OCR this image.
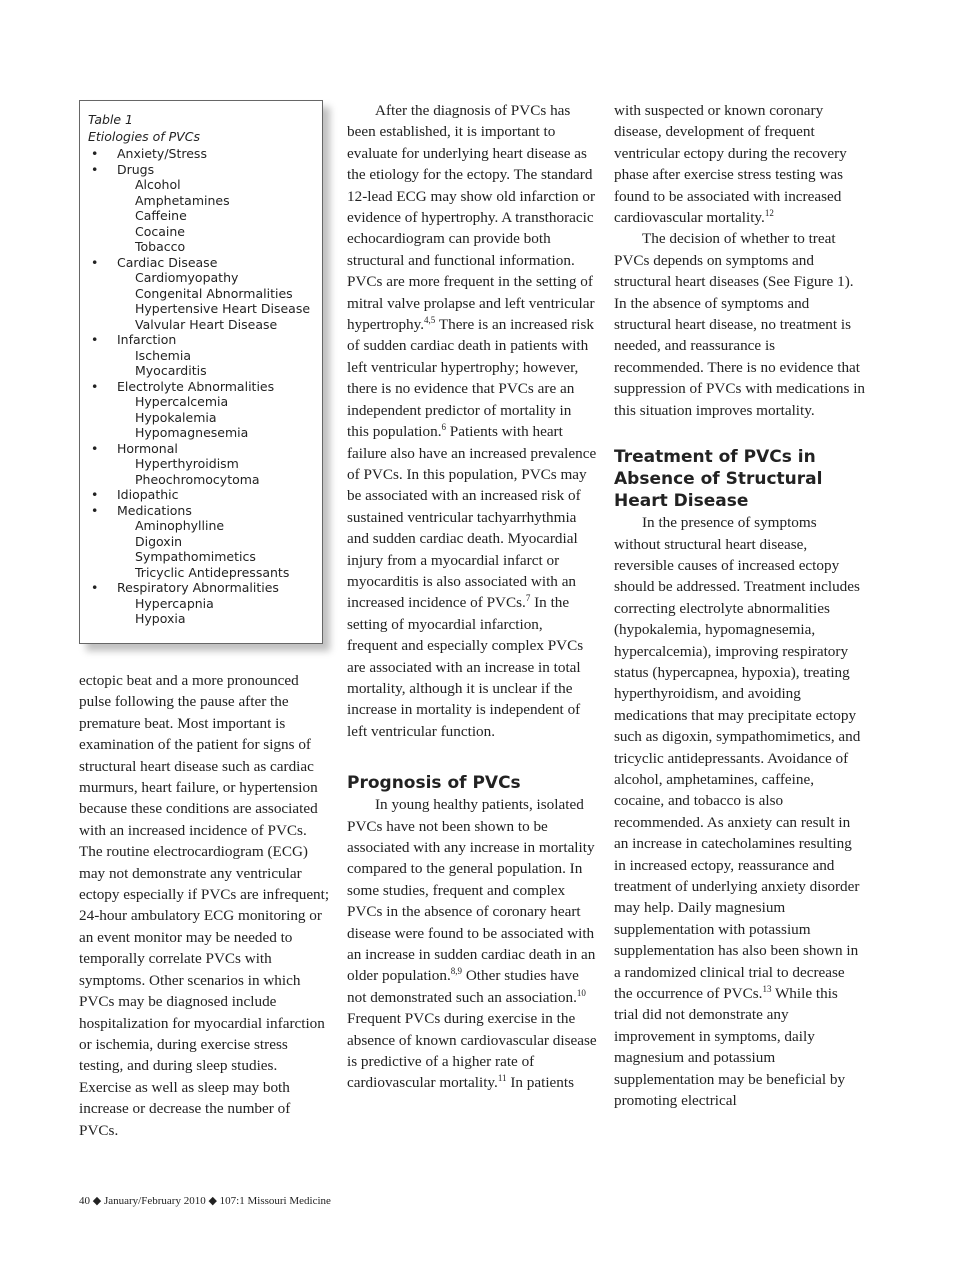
Table 1
Etiologies of PVCs
• Anxiety/Stress
• Drugs
Alcohol
Amphetamines
Caffeine
Cocaine
Tobacco
• Cardiac Disease
Cardiomyopathy
Congenital Abnormalities
Hypertensive Heart Disease
Valvular Heart Disease
• Infarction
Ischemia
Myocarditis
• Electrolyte Abnormalities
Hypercalcemia
Hypokalemia
Hypomagnesemia
• Hormonal
Hyperthyroidism
Pheochromocytoma
• Idiopathic
• Medications
Aminophylline
Digoxin
Sympathomimetics
Tricyclic Antidepressants
• Respiratory Abnormalities
Hypercapnia
Hypoxia

ectopic beat and a more pronounced pulse following the pause after the premature beat. Most important is examination of the patient for signs of structural heart disease such as cardiac murmurs, heart failure, or hypertension because these conditions are associated with an increased incidence of PVCs. The routine electrocardiogram (ECG) may not demonstrate any ventricular ectopy especially if PVCs are infrequent; 24-hour ambulatory ECG monitoring or an event monitor may be needed to temporally correlate PVCs with symptoms. Other scenarios in which PVCs may be diagnosed include hospitalization for myocardial infarction or ischemia, during exercise stress testing, and during sleep studies. Exercise as well as sleep may both increase or decrease the number of PVCs.

After the diagnosis of PVCs has been established, it is important to evaluate for underlying heart disease as the etiology for the ectopy. The standard 12-lead ECG may show old infarction or evidence of hypertrophy. A transthoracic echocardiogram can provide both structural and functional information. PVCs are more frequent in the setting of mitral valve prolapse and left ventricular hypertrophy.$^{4,5}$ There is an increased risk of sudden cardiac death in patients with left ventricular hypertrophy; however, there is no evidence that PVCs are an independent predictor of mortality in this population.$^6$ Patients with heart failure also have an increased prevalence of PVCs. In this population, PVCs may be associated with an increased risk of sustained ventricular tachyarrhythmia and sudden cardiac death. Myocardial injury from a myocardial infarct or myocarditis is also associated with an increased incidence of PVCs.$^7$ In the setting of myocardial infarction, frequent and especially complex PVCs are associated with an increase in total mortality, although it is unclear if the increase in mortality is independent of left ventricular function.

Prognosis of PVCs

In young healthy patients, isolated PVCs have not been shown to be associated with any increase in mortality compared to the general population. In some studies, frequent and complex PVCs in the absence of coronary heart disease were found to be associated with an increase in sudden cardiac death in an older population.$^{8,9}$ Other studies have not demonstrated such an association.$^{10}$ Frequent PVCs during exercise in the absence of known cardiovascular disease is predictive of a higher rate of cardiovascular mortality.$^{11}$ In patients

with suspected or known coronary disease, development of frequent ventricular ectopy during the recovery phase after exercise stress testing was found to be associated with increased cardiovascular mortality.$^{12}$

The decision of whether to treat PVCs depends on symptoms and structural heart diseases (See Figure 1). In the absence of symptoms and structural heart disease, no treatment is needed, and reassurance is recommended. There is no evidence that suppression of PVCs with medications in this situation improves mortality.

Treatment of PVCs in Absence of Structural Heart Disease

In the presence of symptoms without structural heart disease, reversible causes of increased ectopy should be addressed. Treatment includes correcting electrolyte abnormalities (hypokalemia, hypomagnesemia, hypercalcemia), improving respiratory status (hypercapnea, hypoxia), treating hyperthyroidism, and avoiding medications that may precipitate ectopy such as digoxin, sympathomimetics, and tricyclic antidepressants. Avoidance of alcohol, amphetamines, caffeine, cocaine, and tobacco is also recommended. As anxiety can result in an increase in catecholamines resulting in increased ectopy, reassurance and treatment of underlying anxiety disorder may help. Daily magnesium supplementation with potassium supplementation has also been shown in a randomized clinical trial to decrease the occurrence of PVCs.$^{13}$ While this trial did not demonstrate any improvement in symptoms, daily magnesium and potassium supplementation may be beneficial by promoting electrical

40 ◆ January/February 2010 ◆ 107:1 Missouri Medicine
